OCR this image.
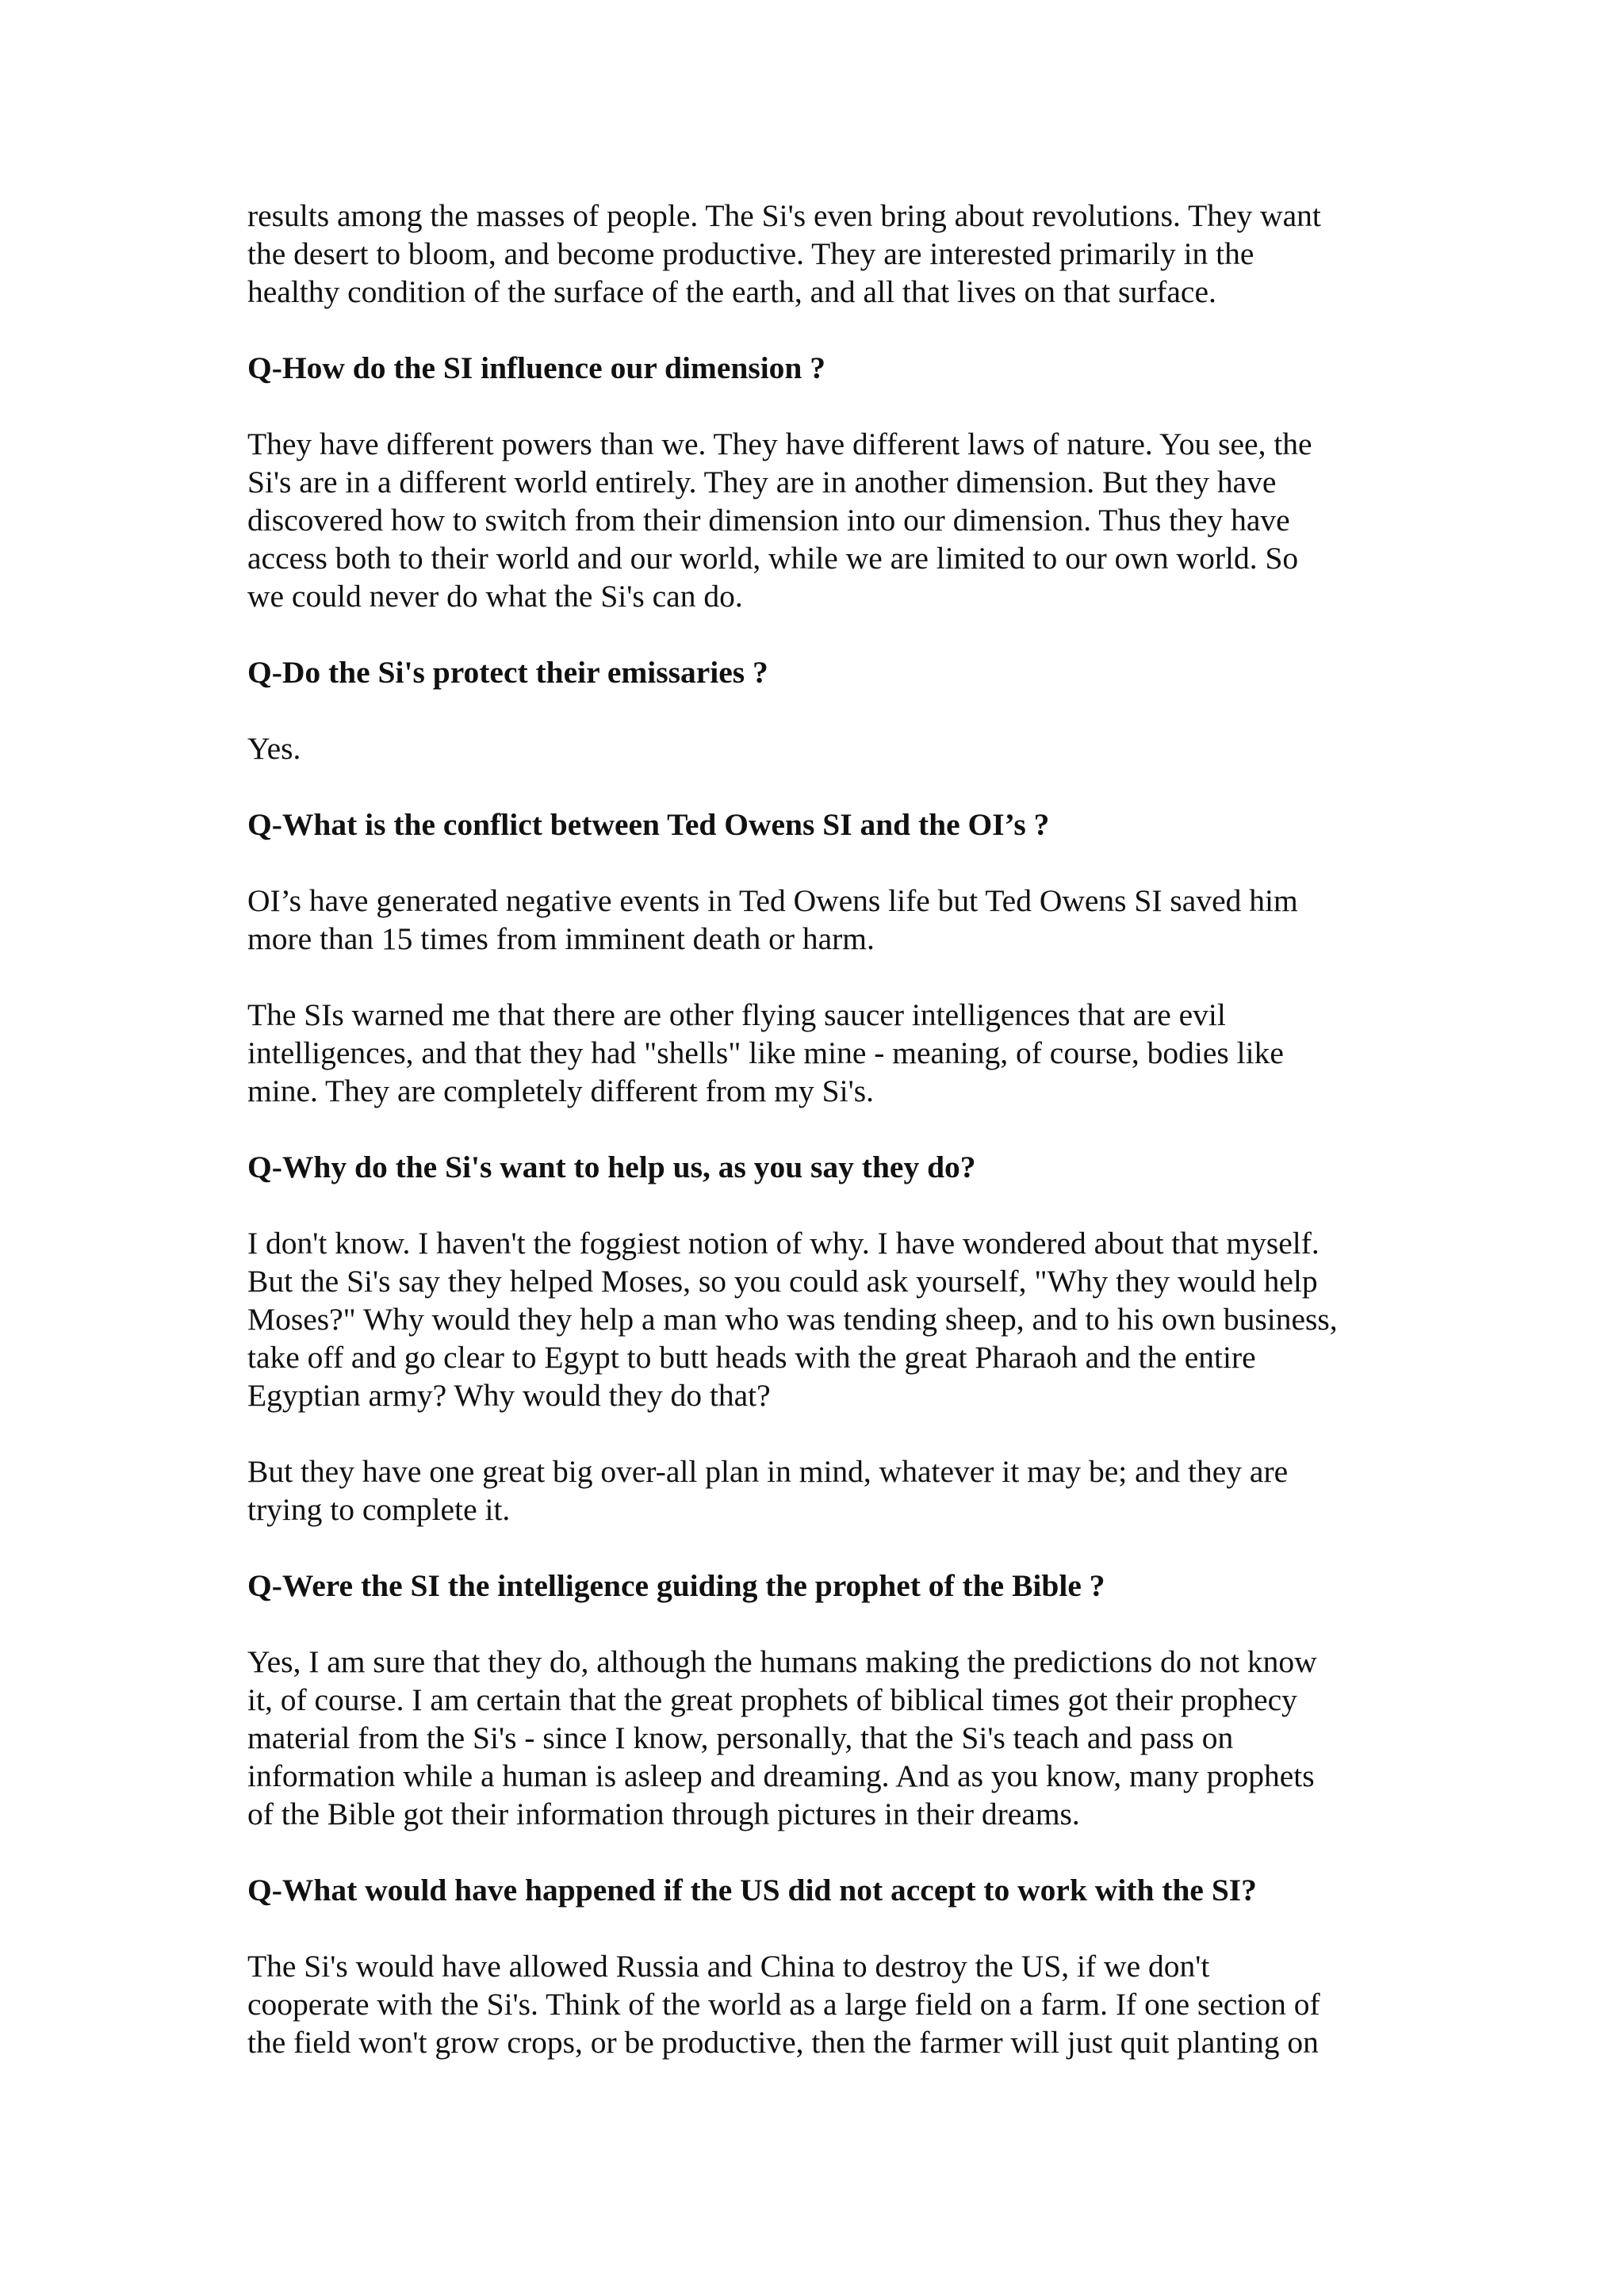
results among the masses of people. The Si's even bring about revolutions. They want
the desert to bloom, and become productive. They are interested primarily in the
healthy condition of the surface of the earth, and all that lives on that surface.

Q-How do the SI influence our dimension ?

They have different powers than we. They have different laws of nature. You see, the
Si's are in a different world entirely. They are in another dimension. But they have
discovered how to switch from their dimension into our dimension. Thus they have
access both to their world and our world, while we are limited to our own world. So
we could never do what the Si's can do.

Q-Do the Si's protect their emissaries ?

Yes.

Q-What is the conflict between Ted Owens SI and the OI’s ?

OI’s have generated negative events in Ted Owens life but Ted Owens SI saved him
more than 15 times from imminent death or harm.

The SIs warned me that there are other flying saucer intelligences that are evil
intelligences, and that they had "shells" like mine - meaning, of course, bodies like
mine. They are completely different from my Si's.

Q-Why do the Si's want to help us, as you say they do?

I don't know. I haven't the foggiest notion of why. I have wondered about that myself.
But the Si's say they helped Moses, so you could ask yourself, "Why they would help
Moses?" Why would they help a man who was tending sheep, and to his own business,
take off and go clear to Egypt to butt heads with the great Pharaoh and the entire
Egyptian army? Why would they do that?

But they have one great big over-all plan in mind, whatever it may be; and they are
trying to complete it.

Q-Were the SI the intelligence guiding the prophet of the Bible ?

Yes, I am sure that they do, although the humans making the predictions do not know
it, of course. I am certain that the great prophets of biblical times got their prophecy
material from the Si's - since I know, personally, that the Si's teach and pass on
information while a human is asleep and dreaming. And as you know, many prophets
of the Bible got their information through pictures in their dreams.

Q-What would have happened if the US did not accept to work with the SI?

The Si's would have allowed Russia and China to destroy the US, if we don't
cooperate with the Si's. Think of the world as a large field on a farm. If one section of
the field won't grow crops, or be productive, then the farmer will just quit planting on
